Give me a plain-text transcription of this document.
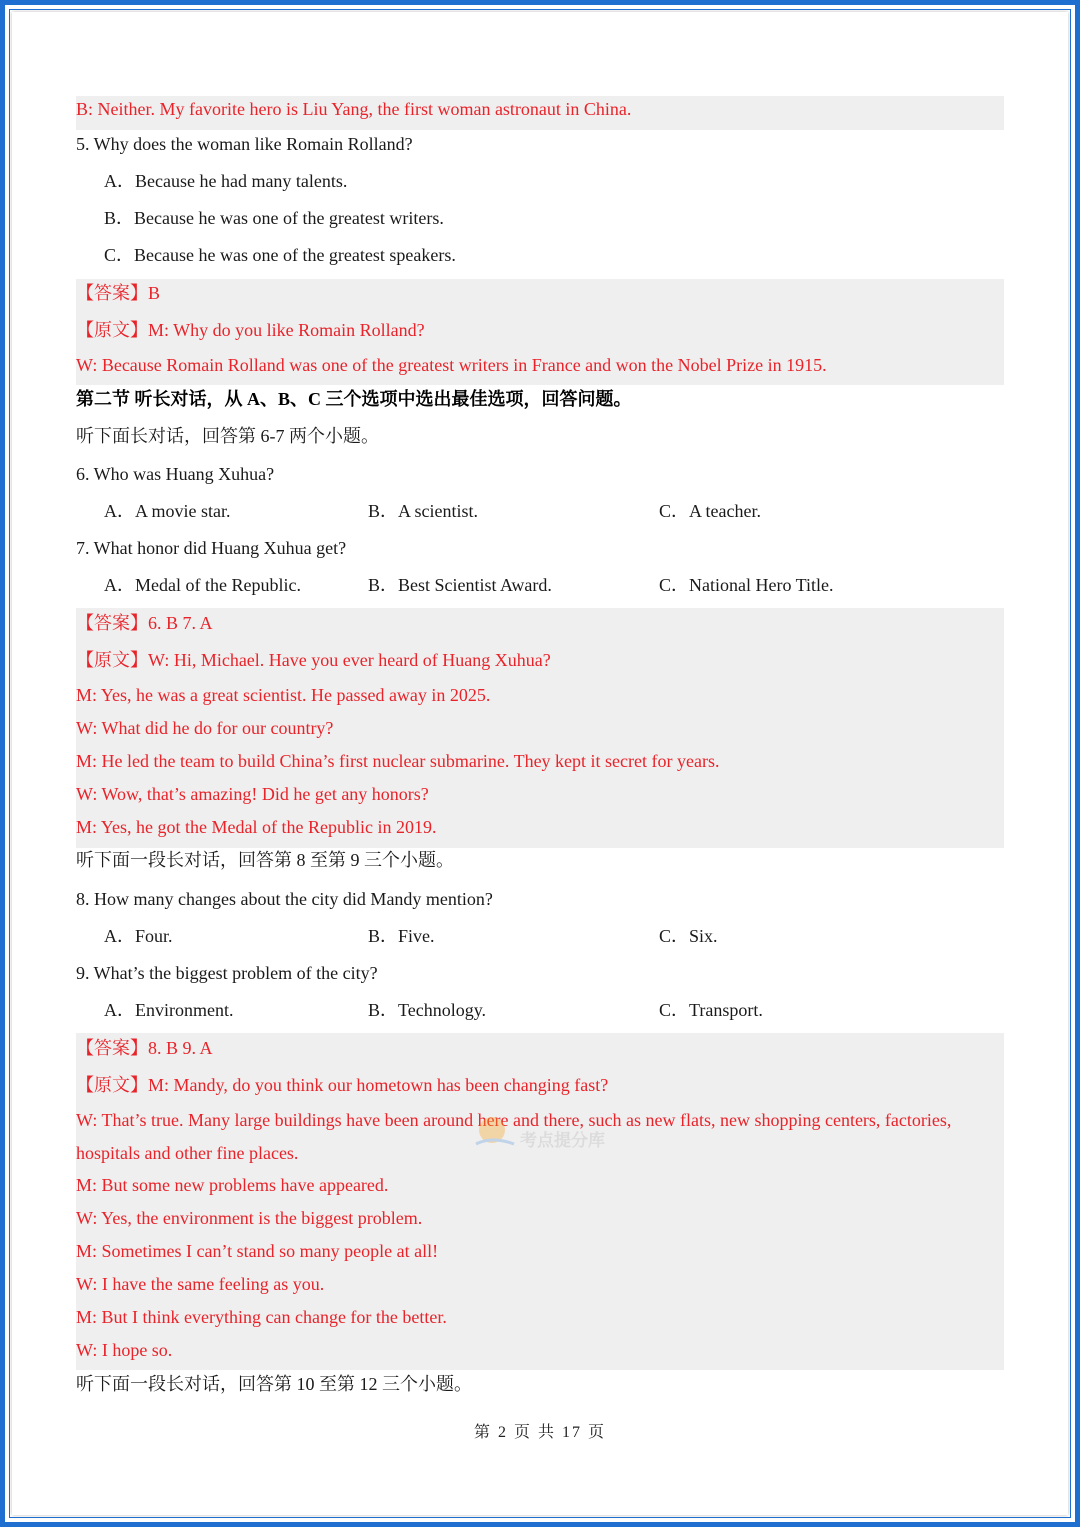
B: Neither. My favorite hero is Liu Yang, the first woman astronaut in China.
5. Why does the woman like Romain Rolland?
A．Because he had many talents.
B．Because he was one of the greatest writers.
C．Because he was one of the greatest speakers.
【答案】B
【原文】M: Why do you like Romain Rolland?
W: Because Romain Rolland was one of the greatest writers in France and won the Nobel Prize in 1915.
第二节 听长对话，从 A、B、C 三个选项中选出最佳选项，回答问题。
听下面长对话，回答第 6-7 两个小题。
6. Who was Huang Xuhua?
A．A movie star.	B．A scientist.	C．A teacher.
7. What honor did Huang Xuhua get?
A．Medal of the Republic.	B．Best Scientist Award.	C．National Hero Title.
【答案】6. B 7. A
【原文】W: Hi, Michael. Have you ever heard of Huang Xuhua?
M: Yes, he was a great scientist. He passed away in 2025.
W: What did he do for our country?
M: He led the team to build China’s first nuclear submarine. They kept it secret for years.
W: Wow, that’s amazing! Did he get any honors?
M: Yes, he got the Medal of the Republic in 2019.
听下面一段长对话，回答第 8 至第 9 三个小题。
8. How many changes about the city did Mandy mention?
A．Four.	B．Five.	C．Six.
9. What’s the biggest problem of the city?
A．Environment.	B．Technology.	C．Transport.
【答案】8. B 9. A
【原文】M: Mandy, do you think our hometown has been changing fast?
W: That’s true. Many large buildings have been around here and there, such as new flats, new shopping centers, factories,
hospitals and other fine places.
M: But some new problems have appeared.
W: Yes, the environment is the biggest problem.
M: Sometimes I can’t stand so many people at all!
W: I have the same feeling as you.
M: But I think everything can change for the better.
W: I hope so.
听下面一段长对话，回答第 10 至第 12 三个小题。
考点提分库
第 2 页 共 17 页
